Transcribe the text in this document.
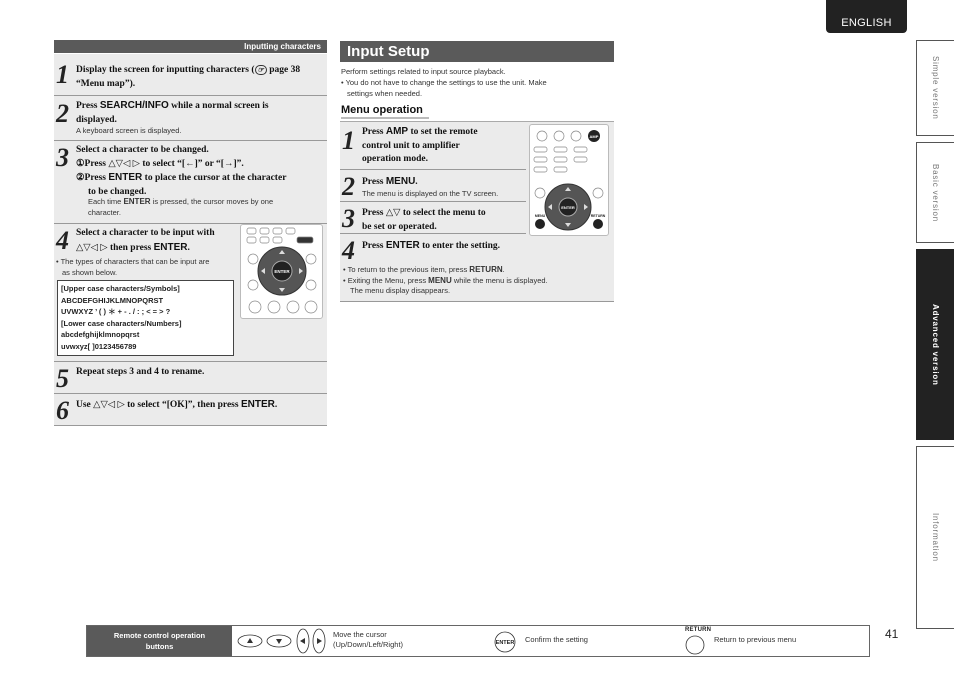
ENGLISH
Simple version
Basic version
Advanced version
Information
Inputting characters
1 Display the screen for inputting characters ( ☞ page 38
“Menu map”).
2 Press SEARCH/INFO while a normal screen is
displayed.
A keyboard screen is displayed.
3 Select a character to be changed.
①Press △▽◁ ▷ to select “[←]” or “[→]”.
②Press ENTER to place the cursor at the character
to be changed.
Each time ENTER is pressed, the cursor moves by one
character.
4 Select a character to be input with
△▽◁ ▷ then press ENTER.
• The types of characters that can be input are
as shown below.	ENTER
[Upper case characters/Symbols]
ABCDEFGHIJKLMNOPQRST
UVWXYZ ’ ( ) ＊ + - . / : ; < = > ?
[Lower case characters/Numbers]
abcdefghijklmnopqrst
uvwxyz[ ]0123456789
5 Repeat steps 3 and 4 to rename.
6 Use △▽◁ ▷ to select “[OK]”, then press ENTER.
Input Setup
Perform settings related to input source playback.
• You do not have to change the settings to use the unit. Make
settings when needed.
Menu operation
1 Press AMP to set the remote
control unit to amplifier
operation mode.
2 Press MENU.
The menu is displayed on the TV screen.
3 Press △▽ to select the menu to
be set or operated.
4 Press ENTER to enter the setting.
• To return to the previous item, press RETURN.
• Exiting the Menu, press MENU while the menu is displayed.
The menu display disappears.
AMP
ENTER
MENU	RETURN
Remote control operation
buttons
Move the cursor
(Up/Down/Left/Right)	ENTER Confirm the setting
RETURN
Return to previous menu	41
